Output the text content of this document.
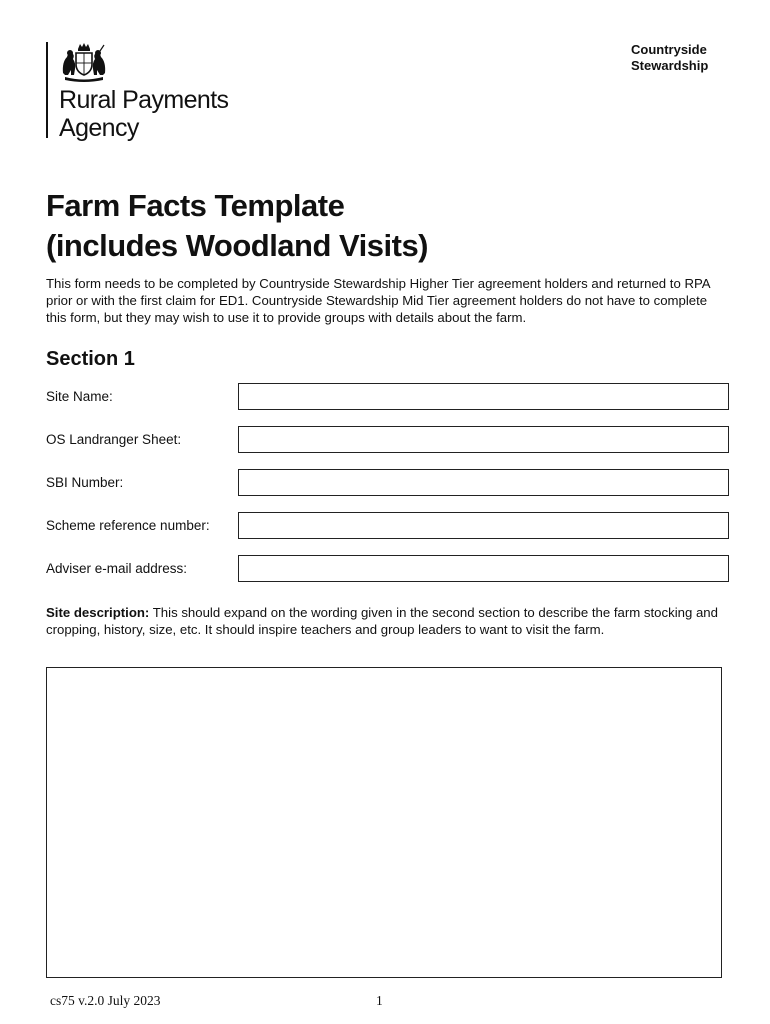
Rural Payments
Agency
Countryside
Stewardship
Farm Facts Template
(includes Woodland Visits)

This form needs to be completed by Countryside Stewardship Higher Tier agreement holders and returned to RPA prior or with the first claim for ED1. Countryside Stewardship Mid Tier agreement holders do not have to complete this form, but they may wish to use it to provide groups with details about the farm.

Section 1
Site Name:
OS Landranger Sheet:
SBI Number:
Scheme reference number:
Adviser e-mail address:

Site description: This should expand on the wording given in the second section to describe the farm stocking and cropping, history, size, etc. It should inspire teachers and group leaders to want to visit the farm.

cs75 v.2.0 July 2023	1
